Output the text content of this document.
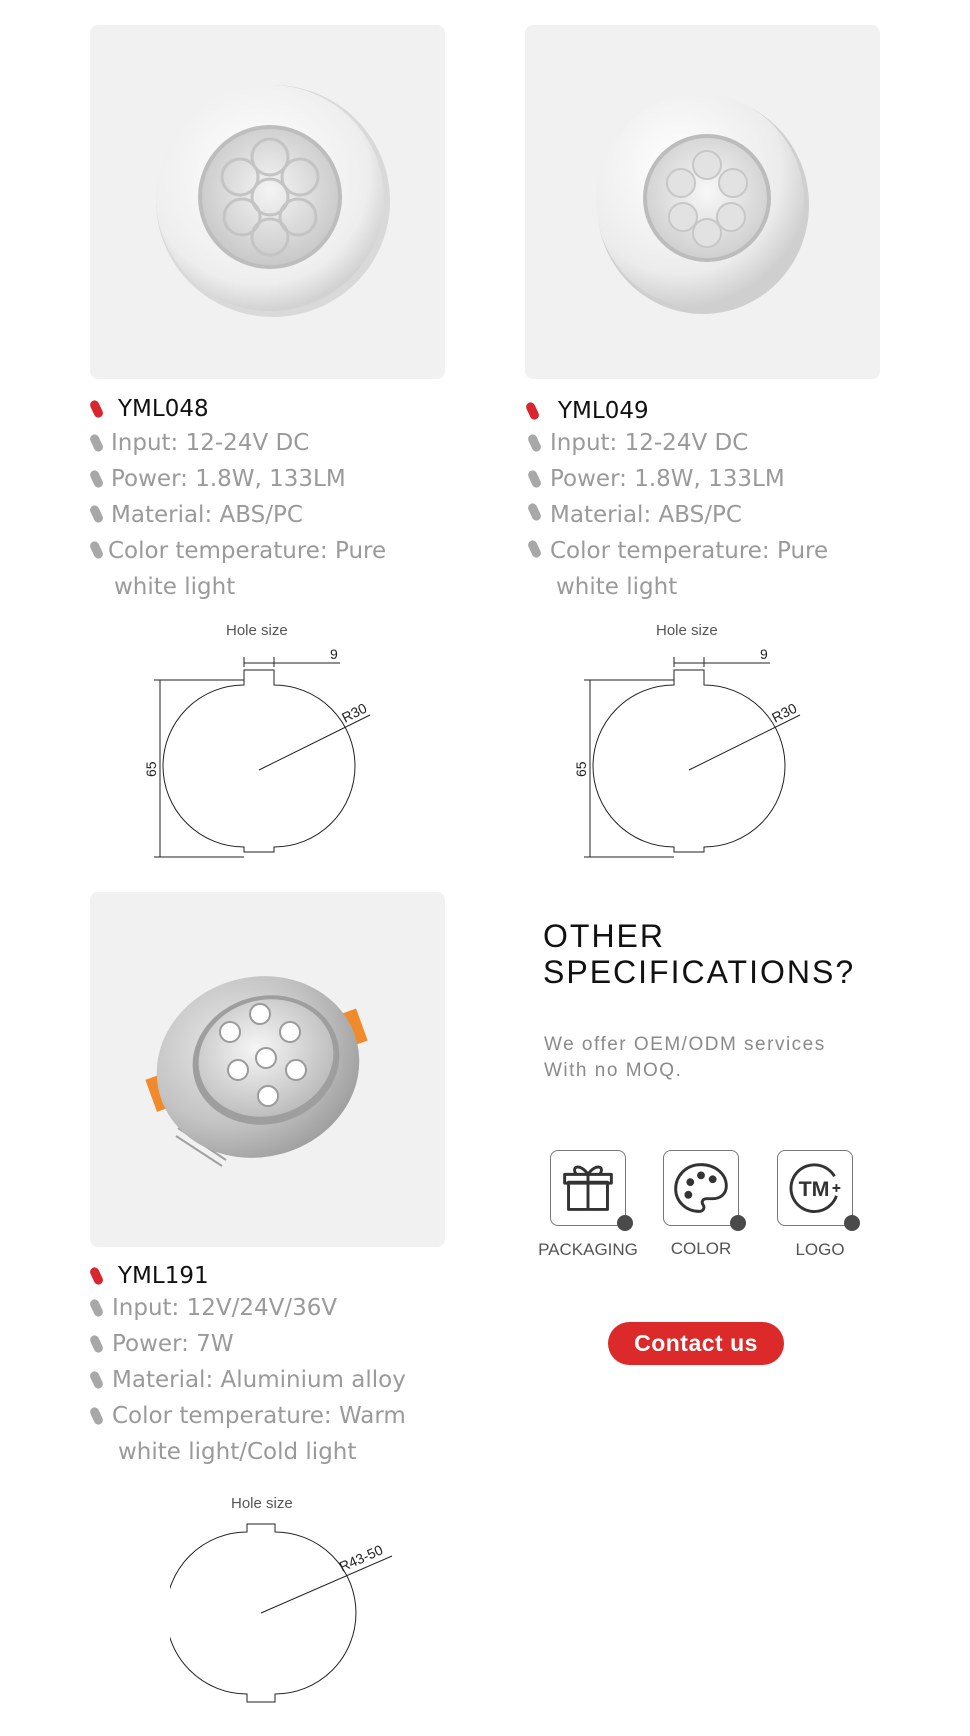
YML048
Input: 12-24V DC
Power: 1.8W, 133LM
Material: ABS/PC
Color temperature: Pure
white light
Hole size
9
R30
65
YML049
Input: 12-24V DC
Power: 1.8W, 133LM
Material: ABS/PC
Color temperature: Pure
white light
Hole size
9
R30
65
YML191
Input: 12V/24V/36V
Power: 7W
Material: Aluminium alloy
Color temperature: Warm
white light/Cold light
Hole size
R43-50
OTHER
SPECIFICATIONS?
We offer OEM/ODM services
With no MOQ.
PACKAGING	COLOR
TM
LOGO
Contact us
